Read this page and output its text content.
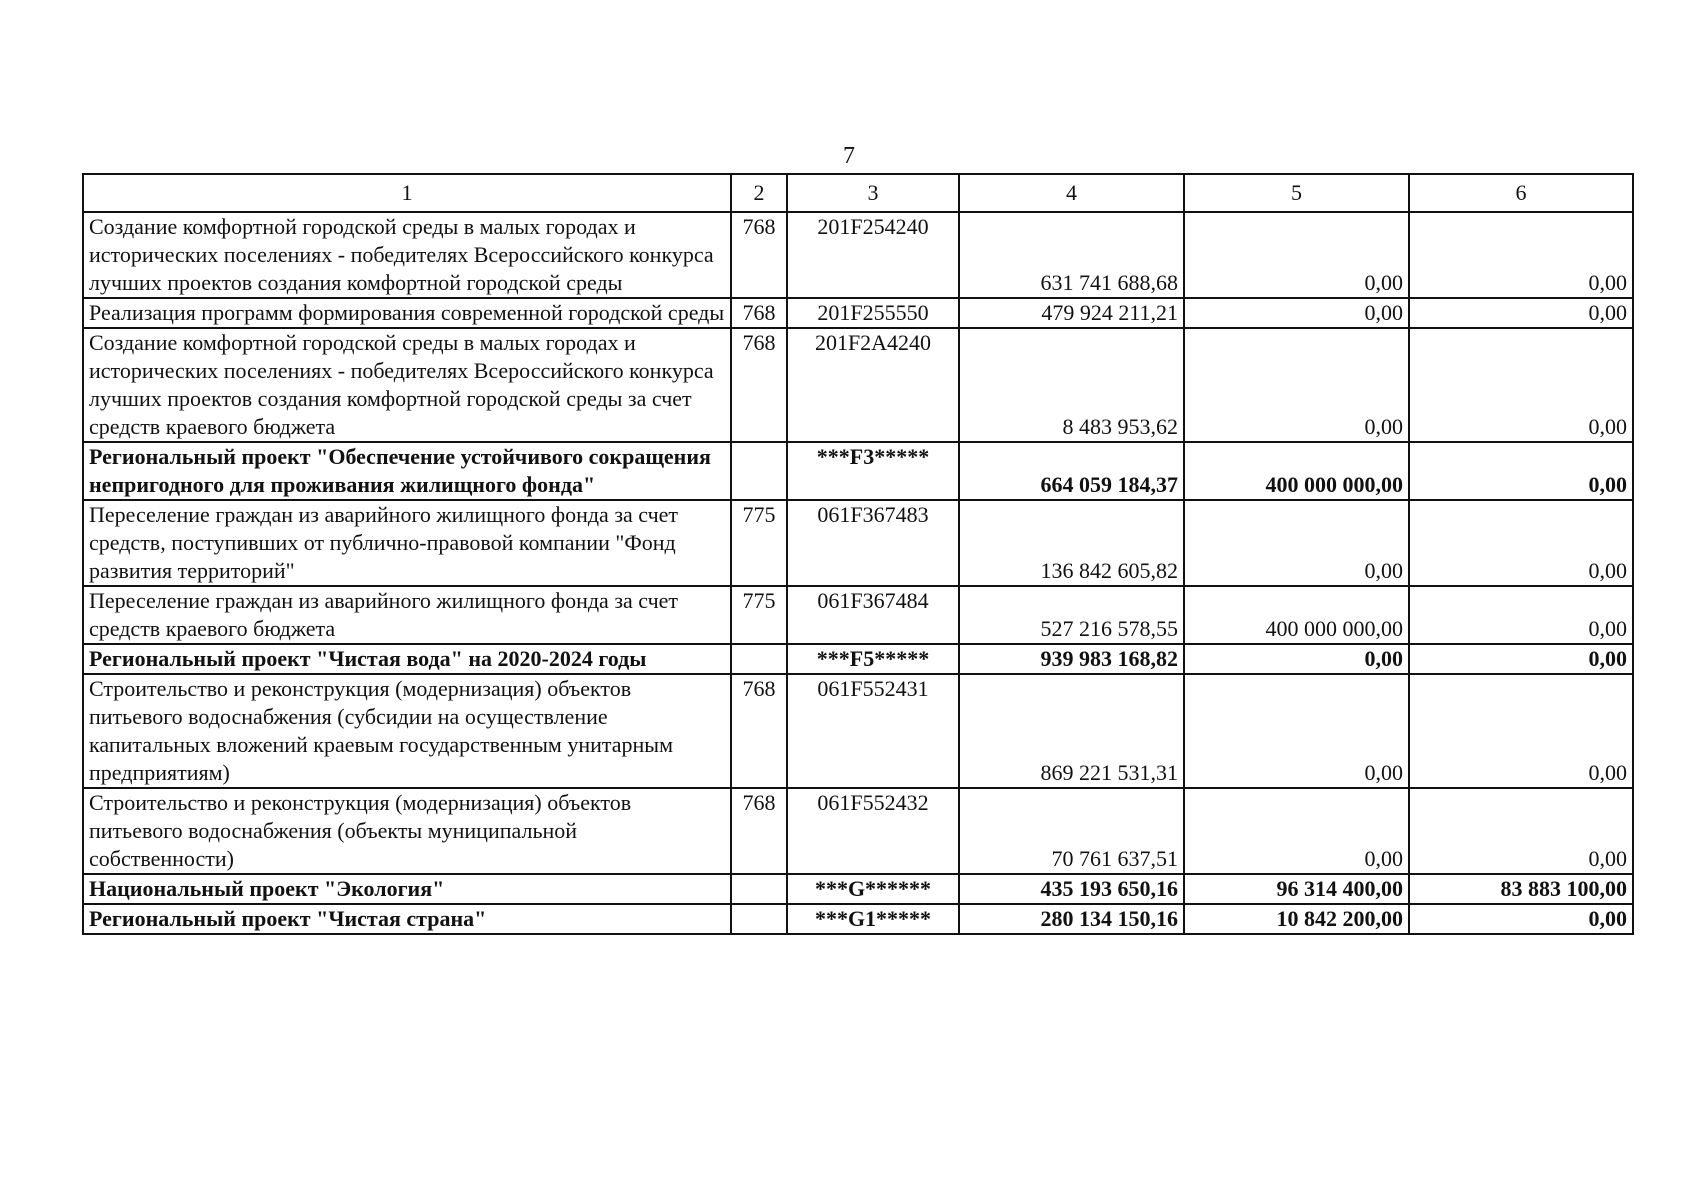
7
1	2	3	4	5	6
Создание комфортной городской среды в малых городах и исторических поселениях - победителях Всероссийского конкурса лучших проектов создания комфортной городской среды	768	201F254240	631 741 688,68	0,00	0,00
Реализация программ формирования современной городской среды	768	201F255550	479 924 211,21	0,00	0,00
Создание комфортной городской среды в малых городах и исторических поселениях - победителях Всероссийского конкурса лучших проектов создания комфортной городской среды за счет средств краевого бюджета	768	201F2A4240	8 483 953,62	0,00	0,00
Региональный проект "Обеспечение устойчивого сокращения непригодного для проживания жилищного фонда"		***F3*****	664 059 184,37	400 000 000,00	0,00
Переселение граждан из аварийного жилищного фонда за счет средств, поступивших от публично-правовой компании "Фонд развития территорий"	775	061F367483	136 842 605,82	0,00	0,00
Переселение граждан из аварийного жилищного фонда за счет средств краевого бюджета	775	061F367484	527 216 578,55	400 000 000,00	0,00
Региональный проект "Чистая вода" на 2020-2024 годы		***F5*****	939 983 168,82	0,00	0,00
Строительство и реконструкция (модернизация) объектов питьевого водоснабжения (субсидии на осуществление капитальных вложений краевым государственным унитарным предприятиям)	768	061F552431	869 221 531,31	0,00	0,00
Строительство и реконструкция (модернизация) объектов питьевого водоснабжения (объекты муниципальной собственности)	768	061F552432	70 761 637,51	0,00	0,00
Национальный проект "Экология"		***G******	435 193 650,16	96 314 400,00	83 883 100,00
Региональный проект "Чистая страна"		***G1*****	280 134 150,16	10 842 200,00	0,00
